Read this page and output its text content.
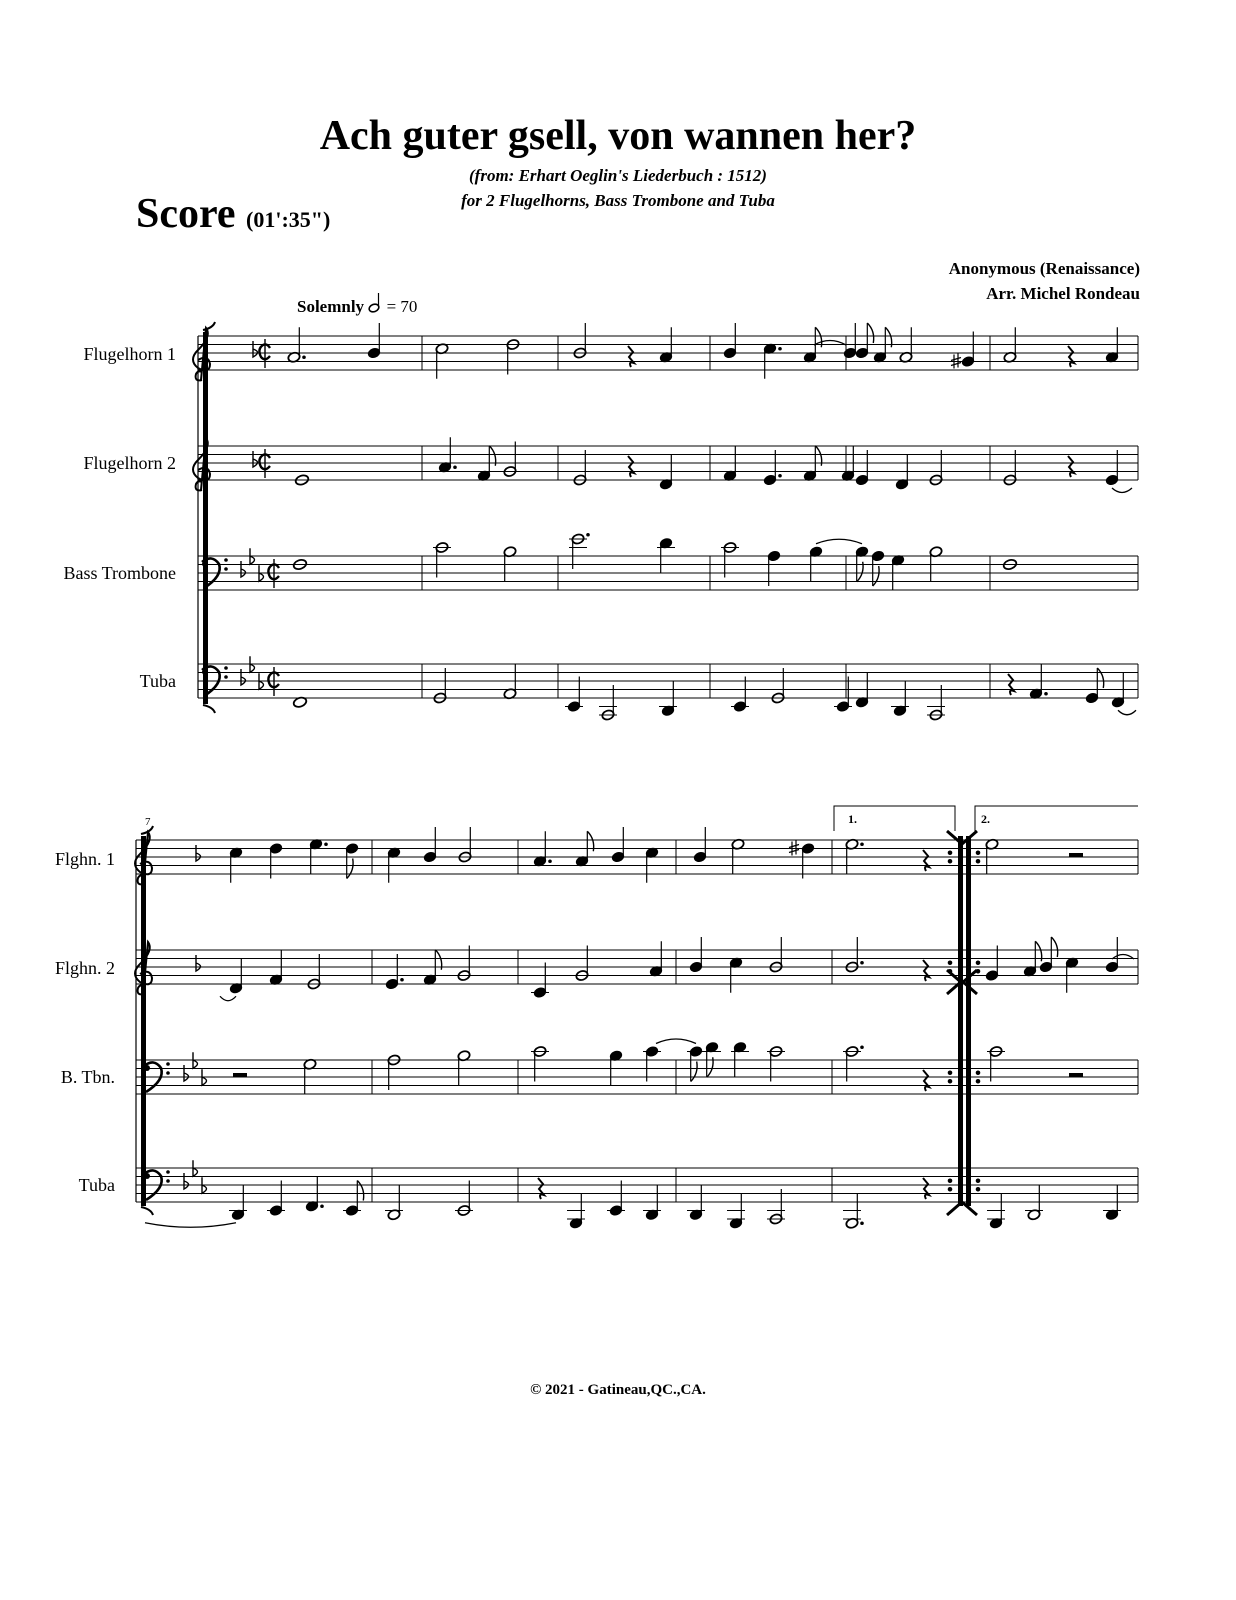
Ach guter gsell, von wannen her?
(from: Erhart Oeglin's Liederbuch : 1512)
for 2 Flugelhorns, Bass Trombone and Tuba
Score (01':35")
Anonymous (Renaissance)
Arr. Michel Rondeau
Solemnly = 70
Flugelhorn 1
Flugelhorn 2
Bass Trombone
Tuba
Flghn. 1
Flghn. 2
B. Tbn.
Tuba
7	1.	2.
© 2021 - Gatineau,QC.,CA.
